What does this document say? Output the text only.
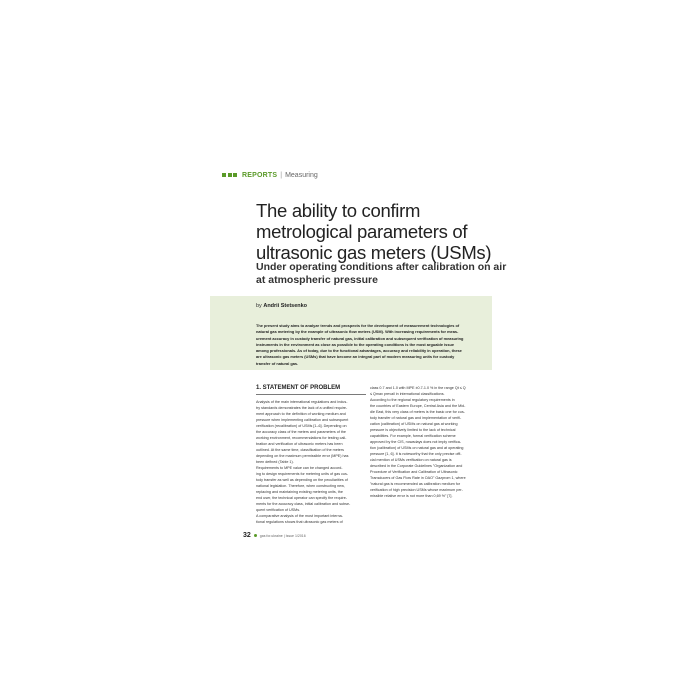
REPORTS | Measuring
The ability to confirm
metrological parameters of
ultrasonic gas meters (USMs)
Under operating conditions after calibration on air
at atmospheric pressure
by Andrii Stetsenko
The present study aims to analyze trends and prospects for the development of measurement technologies of
natural gas metering by the example of ultrasonic flow meters (USM). With increasing requirements for meas-
urement accuracy in custody transfer of natural gas, initial calibration and subsequent verification of measuring
instruments in the environment as close as possible to the operating conditions is the most arguable issue
among professionals. As of today, due to the functional advantages, accuracy and reliability in operation, these
are ultrasonic gas meters (USMs) that have become an integral part of modern measuring units for custody
transfer of natural gas.
1. STATEMENT OF PROBLEM
Analysis of the main international regulations and indus-
try standards demonstrates the lack of a unified require-
ment approach to the definition of working medium and
pressure when implementing calibration and subsequent
verification (recalibration) of USMs [1–6]. Depending on
the accuracy class of the meters and parameters of the
working environment, recommendations for testing cali-
bration and verification of ultrasonic meters has been
outlined. At the same time, classification of the meters
depending on the maximum permissible error (MPE) has
been defined (Table 1).
Requirements to MPE value can be changed accord-
ing to design requirements for metering units of gas cus-
tody transfer as well as depending on the peculiarities of
national legislation. Therefore, when constructing new,
replacing and maintaining existing metering units, the
end user, the technical operator can specify the require-
ments for the accuracy class, initial calibration and subse-
quent verification of USMs.
A comparative analysis of the most important interna-
tional regulations shows that ultrasonic gas meters of
class 0.7 and 1.0 with MPE ±0.7-1.0 % in the range Qt ≤ Q
≤ Qmax prevail in international classifications.
According to the regional regulatory requirements in
the countries of Eastern Europe, Central Asia and the Mid-
dle East, this very class of meters is the basic one for cus-
tody transfer of natural gas and implementation of verifi-
cation (calibration) of USMs on natural gas at working
pressure is objectively limited to the lack of technical
capabilities. For example, formal verification scheme
approved by the CIS, nowadays does not imply verifica-
tion (calibration) of USMs on natural gas and at operating
pressure [1, 6]. It is noteworthy that the only precise offi-
cial mention of USMs verification on natural gas is
described in the Corporate Guidelines "Organization and
Procedure of Verification and Calibration of Ultrasonic
Transducers of Gas Flow Rate in OAO" Gazprom 1, where
"natural gas is recommended as calibration medium for
verification of high precision USMs whose maximum per-
missible relative error is not more than 0,69 %" [7].
32	gas for.ukraine | Issue 1/2016
